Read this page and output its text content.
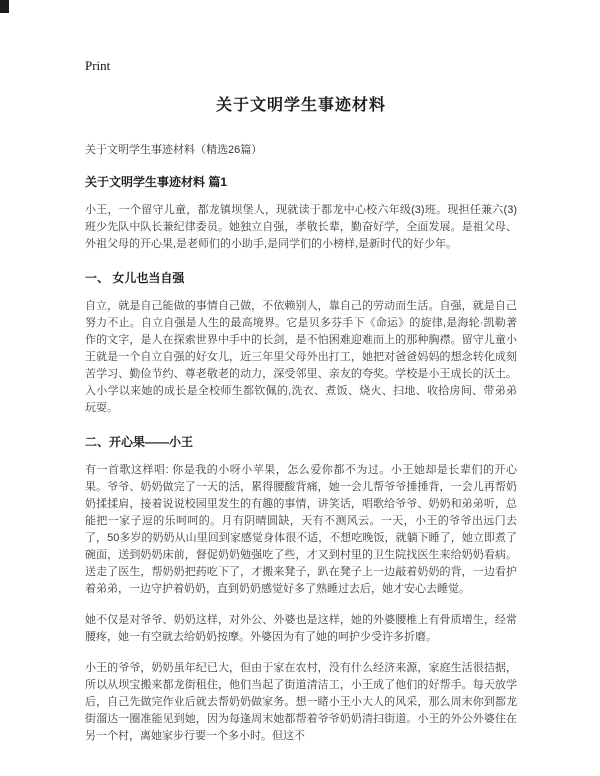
Print
关于文明学生事迹材料

关于文明学生事迹材料（精选26篇）

关于文明学生事迹材料 篇1

小王，一个留守儿童，都龙镇坝堡人，现就读于都龙中心校六年级(3)班。现担任兼六(3)班少先队中队长兼纪律委员。她独立自强，孝敬长辈，勤奋好学，全面发展。是祖父母、外祖父母的开心果,是老师们的小助手,是同学们的小榜样,是新时代的好少年。

一、 女儿也当自强

自立，就是自己能做的事情自己做，不依赖别人，靠自己的劳动而生活。自强，就是自己努力不止。自立自强是人生的最高境界。它是贝多芬手下《命运》的旋律,是海轮·凯勒著作的文字，是人在探索世界中手中的长剑，是不怕困难迎难而上的那种胸襟。留守儿童小王就是一个自立自强的好女儿，近三年里父母外出打工，她把对爸爸妈妈的想念转化成刻苦学习、勤俭节约、尊老敬老的动力，深受邻里、亲友的夸奖。学校是小王成长的沃土。入小学以来她的成长是全校师生都钦佩的,洗衣、煮饭、烧火、扫地、收拾房间、带弟弟玩耍。

二、开心果——小王

有一首歌这样唱: 你是我的小呀小苹果，怎么爱你都不为过。小王她却是长辈们的开心果。爷爷、奶奶做完了一天的活，累得腰酸背痛，她一会儿帮爷爷捶捶背，一会儿再帮奶奶揉揉肩，接着说说校园里发生的有趣的事情，讲笑话，唱歌给爷爷、奶奶和弟弟听，总能把一家子逗的乐呵呵的。月有阴晴圆缺，天有不测风云。一天，小王的爷爷出远门去了，50多岁的奶奶从山里回到家感觉身体很不适，不想吃晚饭，就躺下睡了，她立即煮了碗面，送到奶奶床前，督促奶奶勉强吃了些，才又到村里的卫生院找医生来给奶奶看病。送走了医生，帮奶奶把药吃下了，才搬来凳子，趴在凳子上一边敲着奶奶的背，一边看护着弟弟，一边守护着奶奶，直到奶奶感觉好多了熟睡过去后，她才安心去睡觉。

她不仅是对爷爷、奶奶这样，对外公、外婆也是这样，她的外婆腰椎上有骨质增生，经常腰疼，她一有空就去给奶奶按摩。外婆因为有了她的呵护少受许多折磨。

小王的爷爷，奶奶虽年纪已大，但由于家在农村，没有什么经济来源，家庭生活很拮据，所以从坝宝搬来都龙街租住，他们当起了街道清洁工，小王成了他们的好帮手。每天放学后，自己先做完作业后就去帮奶奶做家务。想一睹小王小大人的风采，那么周末你到都龙街溜达一圈准能见到她，因为每逢周末她都帮着爷爷奶奶清扫街道。小王的外公外婆住在另一个村，离她家步行要一个多小时。但这不
